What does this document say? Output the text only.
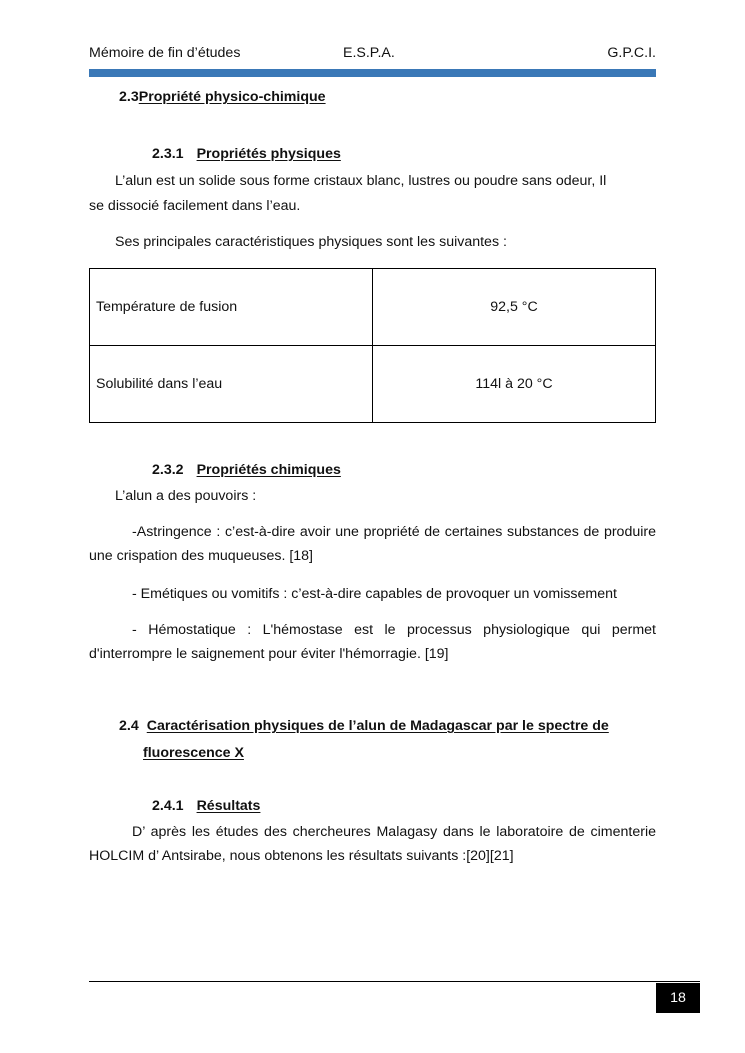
Mémoire de fin d’études	E.S.P.A.	G.P.C.I.
2.3Propriété physico-chimique
2.3.1 Propriétés physiques
L’alun est un solide sous forme cristaux blanc, lustres ou poudre sans odeur, Il
se dissocié facilement dans l’eau.
Ses principales caractéristiques physiques sont les suivantes :
Température de fusion	92,5 °C
Solubilité dans l’eau	114l à 20 °C
2.3.2 Propriétés chimiques
L’alun a des pouvoirs :
-Astringence : c’est-à-dire avoir une propriété de certaines substances de produire une crispation des muqueuses. [18]
- Emétiques ou vomitifs : c’est-à-dire capables de provoquer un vomissement
- Hémostatique : L'hémostase est le processus physiologique qui permet d'interrompre le saignement pour éviter l'hémorragie. [19]
2.4 Caractérisation physiques de l’alun de Madagascar par le spectre de
fluorescence X
2.4.1 Résultats
D’ après les études des chercheures Malagasy dans le laboratoire de cimenterie HOLCIM d’ Antsirabe, nous obtenons les résultats suivants :[20][21]
18
